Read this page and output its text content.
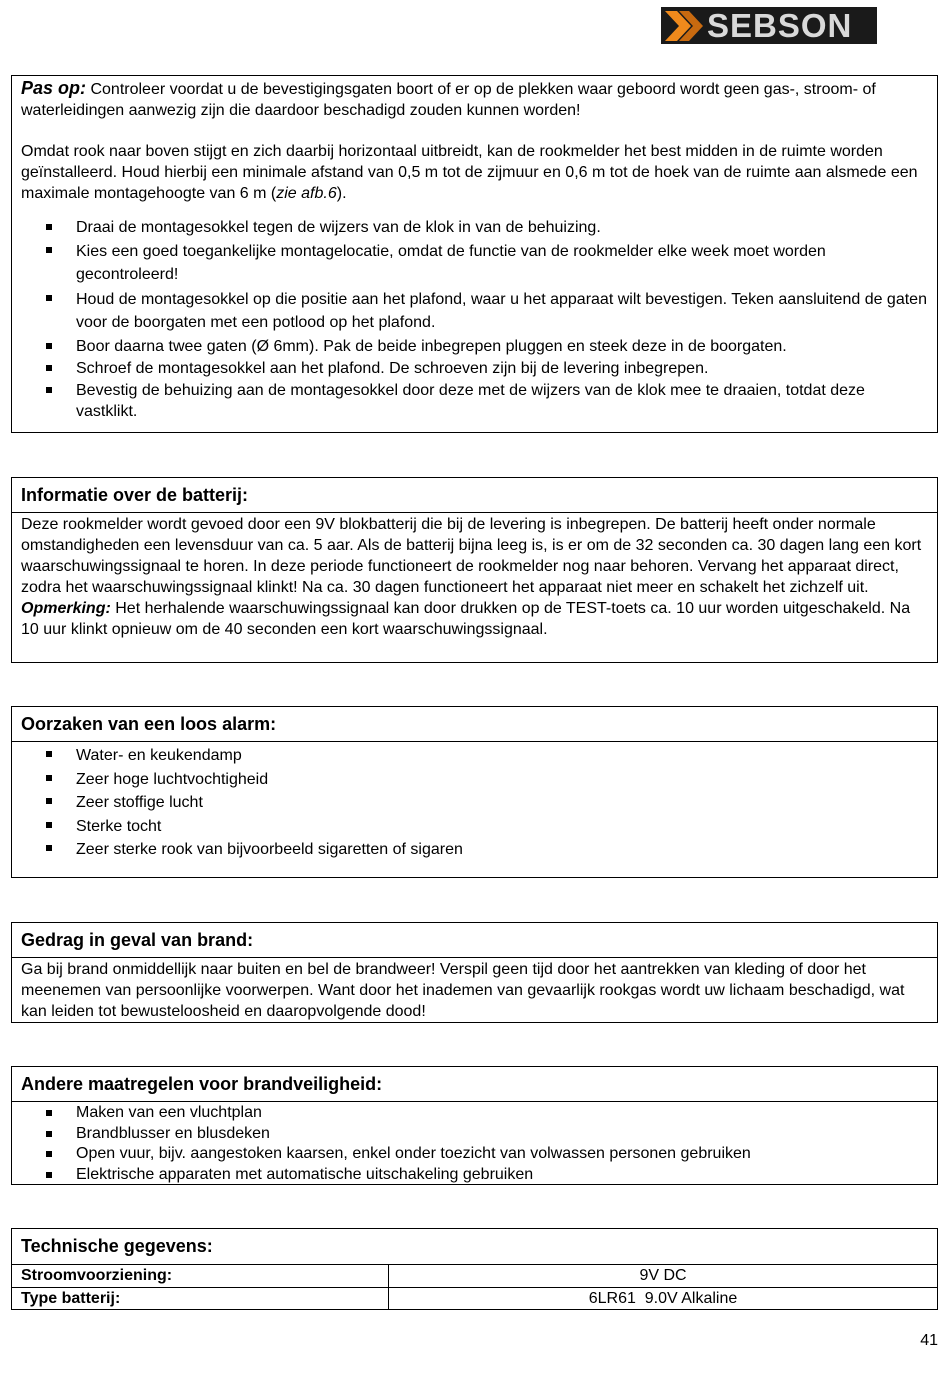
SEBSON

Pas op: Controleer voordat u de bevestigingsgaten boort of er op de plekken waar geboord wordt geen gas-, stroom- of waterleidingen aanwezig zijn die daardoor beschadigd zouden kunnen worden!

Omdat rook naar boven stijgt en zich daarbij horizontaal uitbreidt, kan de rookmelder het best midden in de ruimte worden geïnstalleerd. Houd hierbij een minimale afstand van 0,5 m tot de zijmuur en 0,6 m tot de hoek van de ruimte aan alsmede een maximale montagehoogte van 6 m (zie afb.6).

Draai de montagesokkel tegen de wijzers van de klok in van de behuizing.
Kies een goed toegankelijke montagelocatie, omdat de functie van de rookmelder elke week moet worden gecontroleerd!
Houd de montagesokkel op die positie aan het plafond, waar u het apparaat wilt bevestigen. Teken aansluitend de gaten voor de boorgaten met een potlood op het plafond.
Boor daarna twee gaten (Ø 6mm). Pak de beide inbegrepen pluggen en steek deze in de boorgaten.
Schroef de montagesokkel aan het plafond. De schroeven zijn bij de levering inbegrepen.
Bevestig de behuizing aan de montagesokkel door deze met de wijzers van de klok mee te draaien, totdat deze vastklikt.
Informatie over de batterij:

Deze rookmelder wordt gevoed door een 9V blokbatterij die bij de levering is inbegrepen. De batterij heeft onder normale omstandigheden een levensduur van ca. 5 aar. Als de batterij bijna leeg is, is er om de 32 seconden ca. 30 dagen lang een kort waarschuwingssignaal te horen. In deze periode functioneert de rookmelder nog naar behoren. Vervang het apparaat direct, zodra het waarschuwingssignaal klinkt! Na ca. 30 dagen functioneert het apparaat niet meer en schakelt het zichzelf uit.

Opmerking: Het herhalende waarschuwingssignaal kan door drukken op de TEST-toets ca. 10 uur worden uitgeschakeld. Na 10 uur klinkt opnieuw om de 40 seconden een kort waarschuwingssignaal.

Oorzaken van een loos alarm:
Water- en keukendamp
Zeer hoge luchtvochtigheid
Zeer stoffige lucht
Sterke tocht
Zeer sterke rook van bijvoorbeeld sigaretten of sigaren
Gedrag in geval van brand:

Ga bij brand onmiddellijk naar buiten en bel de brandweer! Verspil geen tijd door het aantrekken van kleding of door het meenemen van persoonlijke voorwerpen. Want door het inademen van gevaarlijk rookgas wordt uw lichaam beschadigd, wat kan leiden tot bewusteloosheid en daaropvolgende dood!

Andere maatregelen voor brandveiligheid:
Maken van een vluchtplan
Brandblusser en blusdeken
Open vuur, bijv. aangestoken kaarsen, enkel onder toezicht van volwassen personen gebruiken
Elektrische apparaten met automatische uitschakeling gebruiken
Technische gegevens:
Stroomvoorziening:	9V DC
Type batterij:	6LR61  9.0V Alkaline
41
